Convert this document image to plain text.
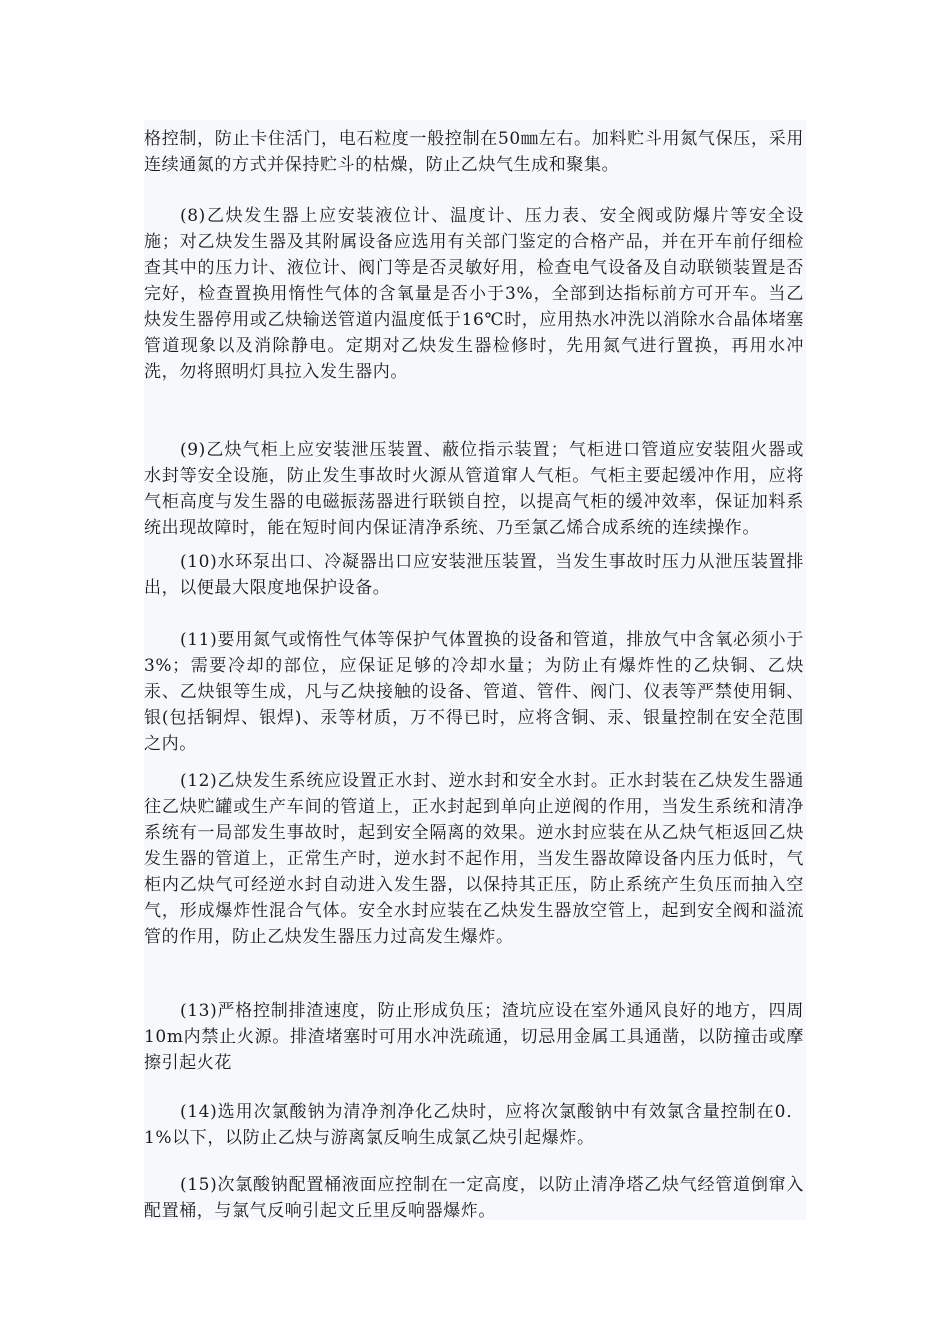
格控制，防止卡住活门，电石粒度一般控制在50㎜左右。加料贮斗用氮气保压，采用连续通氮的方式并保持贮斗的枯燥，防止乙炔气生成和聚集。

(8)乙炔发生器上应安装液位计、温度计、压力表、安全阀或防爆片等安全设施；对乙炔发生器及其附属设备应选用有关部门鉴定的合格产品，并在开车前仔细检查其中的压力计、液位计、阀门等是否灵敏好用，检查电气设备及自动联锁装置是否完好，检查置换用惰性气体的含氧量是否小于3%，全部到达指标前方可开车。当乙炔发生器停用或乙炔输送管道内温度低于16℃时，应用热水冲洗以消除水合晶体堵塞管道现象以及消除静电。定期对乙炔发生器检修时，先用氮气进行置换，再用水冲洗，勿将照明灯具拉入发生器内。

(9)乙炔气柜上应安装泄压装置、蔽位指示装置；气柜进口管道应安装阻火器或水封等安全设施，防止发生事故时火源从管道窜人气柜。气柜主要起缓冲作用，应将气柜高度与发生器的电磁振荡器进行联锁自控，以提高气柜的缓冲效率，保证加料系统出现故障时，能在短时间内保证清净系统、乃至氯乙烯合成系统的连续操作。

(10)水环泵出口、冷凝器出口应安装泄压装置，当发生事故时压力从泄压装置排出，以便最大限度地保护设备。

(11)要用氮气或惰性气体等保护气体置换的设备和管道，排放气中含氧必须小于3%；需要冷却的部位，应保证足够的冷却水量；为防止有爆炸性的乙炔铜、乙炔汞、乙炔银等生成，凡与乙炔接触的设备、管道、管件、阀门、仪表等严禁使用铜、银(包括铜焊、银焊)、汞等材质，万不得已时，应将含铜、汞、银量控制在安全范围之内。

(12)乙炔发生系统应设置正水封、逆水封和安全水封。正水封装在乙炔发生器通往乙炔贮罐或生产车间的管道上，正水封起到单向止逆阀的作用，当发生系统和清净系统有一局部发生事故时，起到安全隔离的效果。逆水封应装在从乙炔气柜返回乙炔发生器的管道上，正常生产时，逆水封不起作用，当发生器故障设备内压力低时，气柜内乙炔气可经逆水封自动进入发生器，以保持其正压，防止系统产生负压而抽入空气，形成爆炸性混合气体。安全水封应装在乙炔发生器放空管上，起到安全阀和溢流管的作用，防止乙炔发生器压力过高发生爆炸。

(13)严格控制排渣速度，防止形成负压；渣坑应设在室外通风良好的地方，四周10m内禁止火源。排渣堵塞时可用水冲洗疏通，切忌用金属工具通凿，以防撞击或摩擦引起火花

(14)选用次氯酸钠为清净剂净化乙炔时，应将次氯酸钠中有效氯含量控制在0．1%以下，以防止乙炔与游离氯反响生成氯乙炔引起爆炸。

(15)次氯酸钠配置桶液面应控制在一定高度，以防止清净塔乙炔气经管道倒窜入配置桶，与氯气反响引起文丘里反响器爆炸。
